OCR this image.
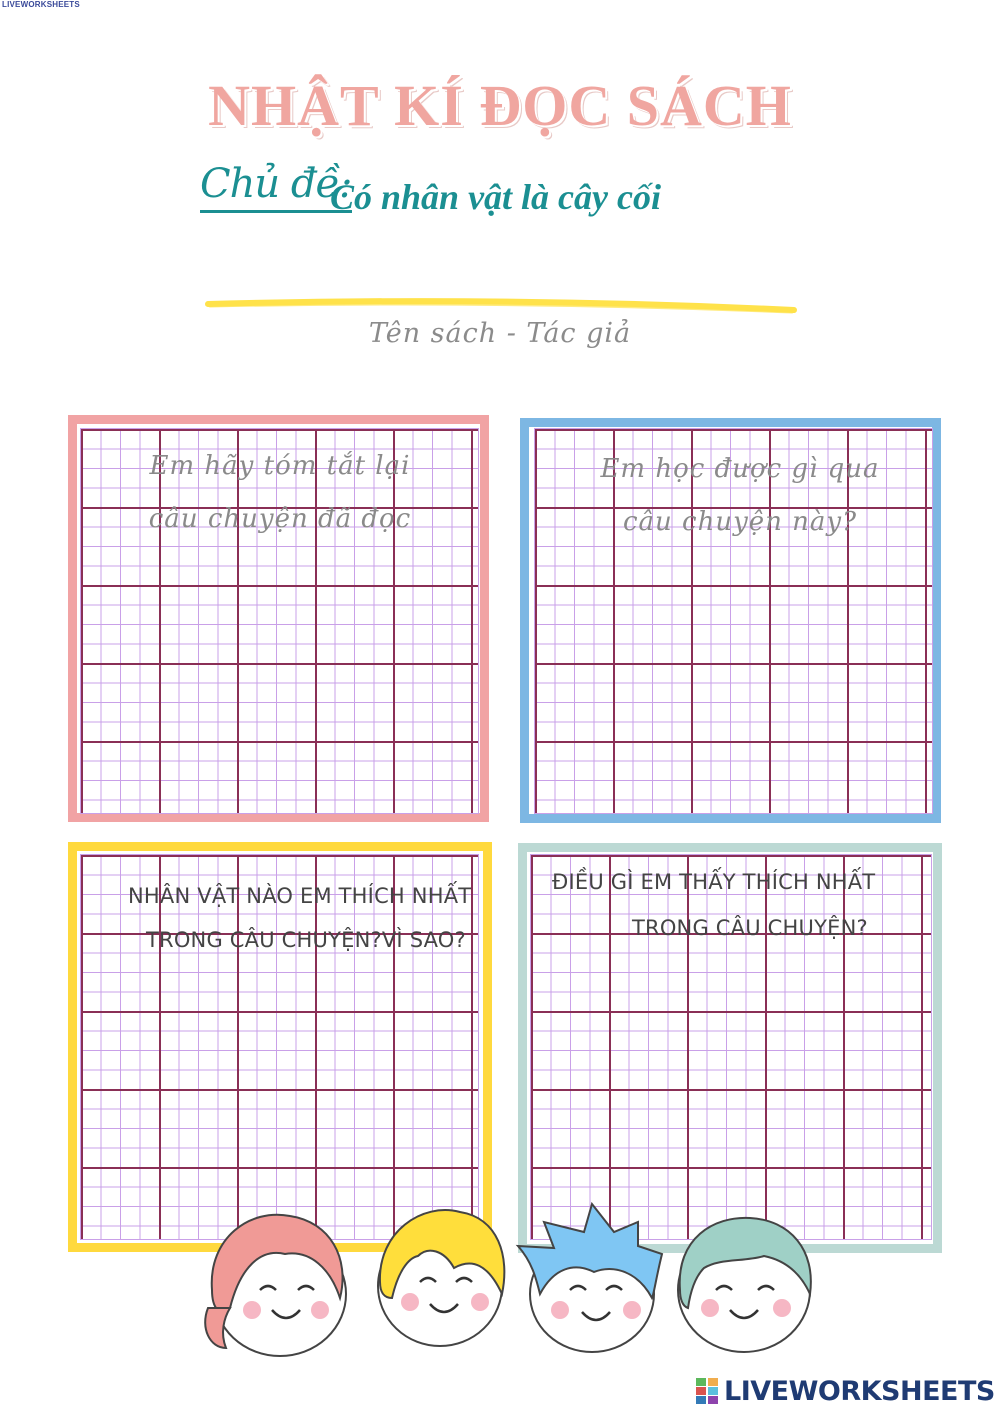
LIVEWORKSHEETS
NHẬT KÍ ĐỌC SÁCH
Chủ đề:
Có nhân vật là cây cối
Tên sách - Tác giả
Em hãy tóm tắt lại
câu chuyện đã đọc
Em học được gì qua
câu chuyện này?
NHÂN VẬT NÀO EM THÍCH NHẤT
TRONG CÂU CHUYỆN?VÌ SAO?
ĐIỀU GÌ EM THẤY THÍCH NHẤT
TRONG CÂU CHUYỆN?
LIVEWORKSHEETS
